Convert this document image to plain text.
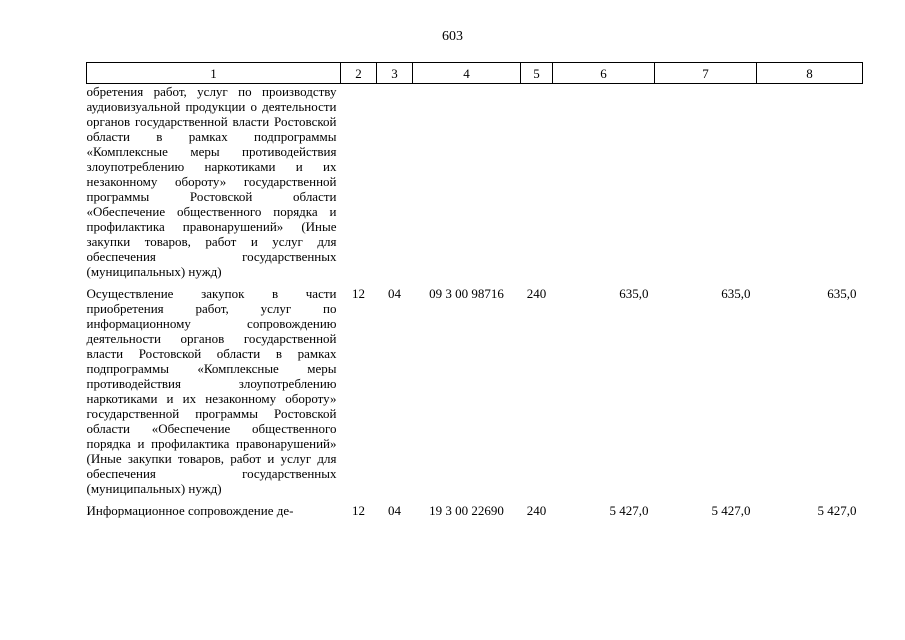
603
1	2	3	4	5	6	7	8
обретения работ, услуг по производству аудиовизуальной продукции о деятельности органов государственной власти Ростовской области в рамках подпрограммы «Комплексные меры противодействия злоупотреблению наркотиками и их незаконному обороту» государственной программы Ростовской области «Обеспечение общественного порядка и профилактика правонарушений» (Иные закупки товаров, работ и услуг для обеспечения государственных (муниципальных) нужд)							
Осуществление закупок в части приобретения работ, услуг по информационному сопровождению деятельности органов государственной власти Ростовской области в рамках подпрограммы «Комплексные меры противодействия злоупотреблению наркотиками и их незаконному обороту» государственной программы Ростовской области «Обеспечение общественного порядка и профилактика правонарушений» (Иные закупки товаров, работ и услуг для обеспечения государственных (муниципальных) нужд)	12	04	09 3 00 98716	240	635,0	635,0	635,0
Информационное сопровождение де-	12	04	19 3 00 22690	240	5 427,0	5 427,0	5 427,0
